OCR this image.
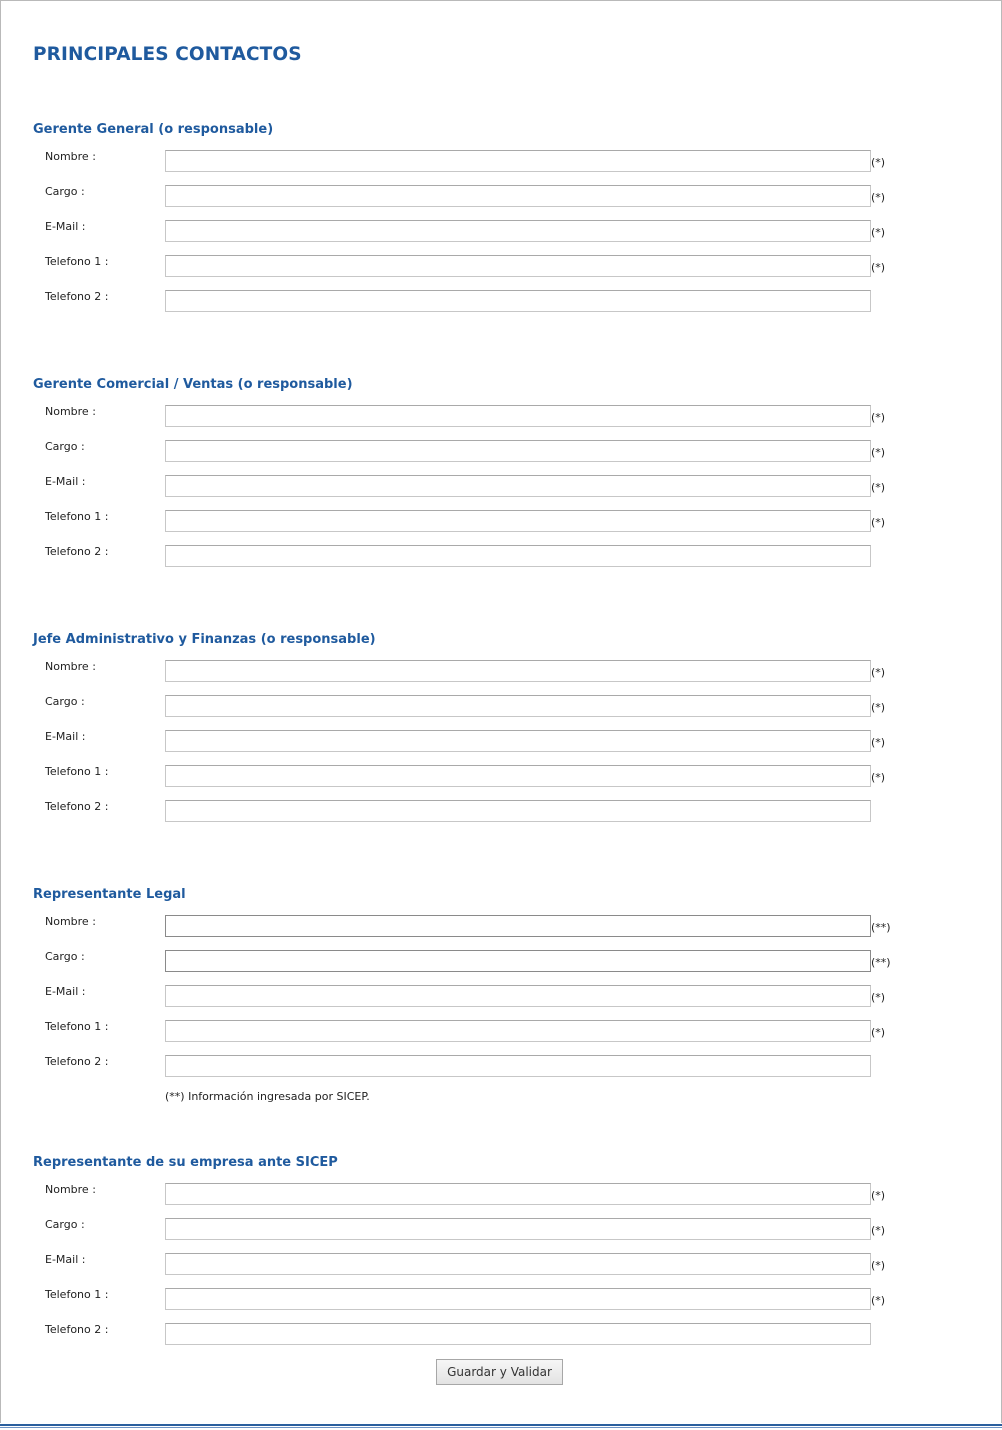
PRINCIPALES CONTACTOS
Gerente General (o responsable)
Nombre :	(*)
Cargo :	(*)
E-Mail :	(*)
Telefono 1 :	(*)
Telefono 2 :
Gerente Comercial / Ventas (o responsable)
Nombre :	(*)
Cargo :	(*)
E-Mail :	(*)
Telefono 1 :	(*)
Telefono 2 :
Jefe Administrativo y Finanzas (o responsable)
Nombre :	(*)
Cargo :	(*)
E-Mail :	(*)
Telefono 1 :	(*)
Telefono 2 :
Representante Legal
Nombre :	(**)
Cargo :	(**)
E-Mail :	(*)
Telefono 1 :	(*)
Telefono 2 :
(**) Información ingresada por SICEP.
Representante de su empresa ante SICEP
Nombre :	(*)
Cargo :	(*)
E-Mail :	(*)
Telefono 1 :	(*)
Telefono 2 :
Guardar y Validar
